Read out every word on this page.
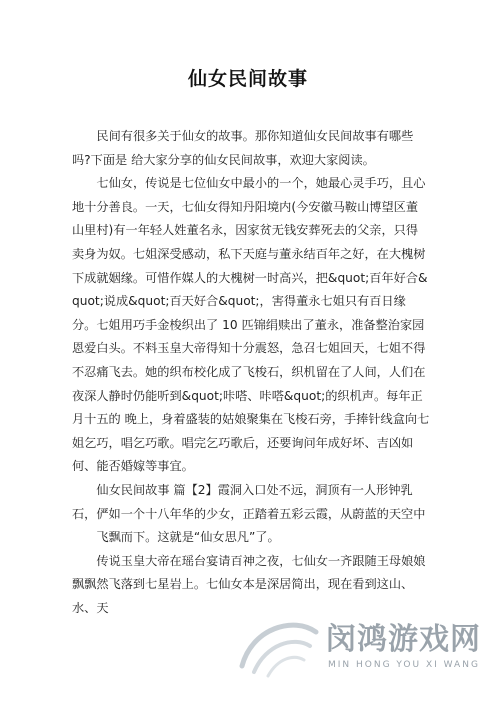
仙女民间故事

民间有很多关于仙女的故事。那你知道仙女民间故事有哪些吗?下面是 给大家分享的仙女民间故事，欢迎大家阅读。

七仙女，传说是七位仙女中最小的一个，她最心灵手巧，且心地十分善良。一天，七仙女得知丹阳境内(今安徽马鞍山博望区董山里村)有一年轻人姓董名永，因家贫无钱安葬死去的父亲，只得卖身为奴。七姐深受感动，私下天庭与董永结百年之好，在大槐树下成就姻缘。可惜作媒人的大槐树一时高兴，把&quot;百年好合&quot;说成&quot;百天好合&quot;，害得董永七姐只有百日缘分。七姐用巧手金梭织出了 10 匹锦绢赎出了董永，准备整治家园恩爱白头。不料玉皇大帝得知十分震怒，急召七姐回天，七姐不得不忍痛飞去。她的织布校化成了飞梭石，织机留在了人间，人们在夜深人静时仍能听到&quot;咔嗒、咔嗒&quot;的织机声。每年正月十五的 晚上，身着盛装的姑娘聚集在飞梭石旁，手捧针线盒向七姐乞巧，唱乞巧歌。唱完乞巧歌后，还要询问年成好坏、吉凶如何、能否婚嫁等事宜。

仙女民间故事 篇【2】霞洞入口处不远，洞顶有一人形钟乳石，俨如一个十八年华的少女，正踏着五彩云霞，从蔚蓝的天空中

飞飘而下。这就是“仙女思凡”了。

传说玉皇大帝在瑶台宴请百神之夜，七仙女一齐跟随王母娘娘飘飘然飞落到七星岩上。七仙女本是深居简出，现在看到这山、水、天

闵鸿游戏网
MIN HONG YOU XI WANG
